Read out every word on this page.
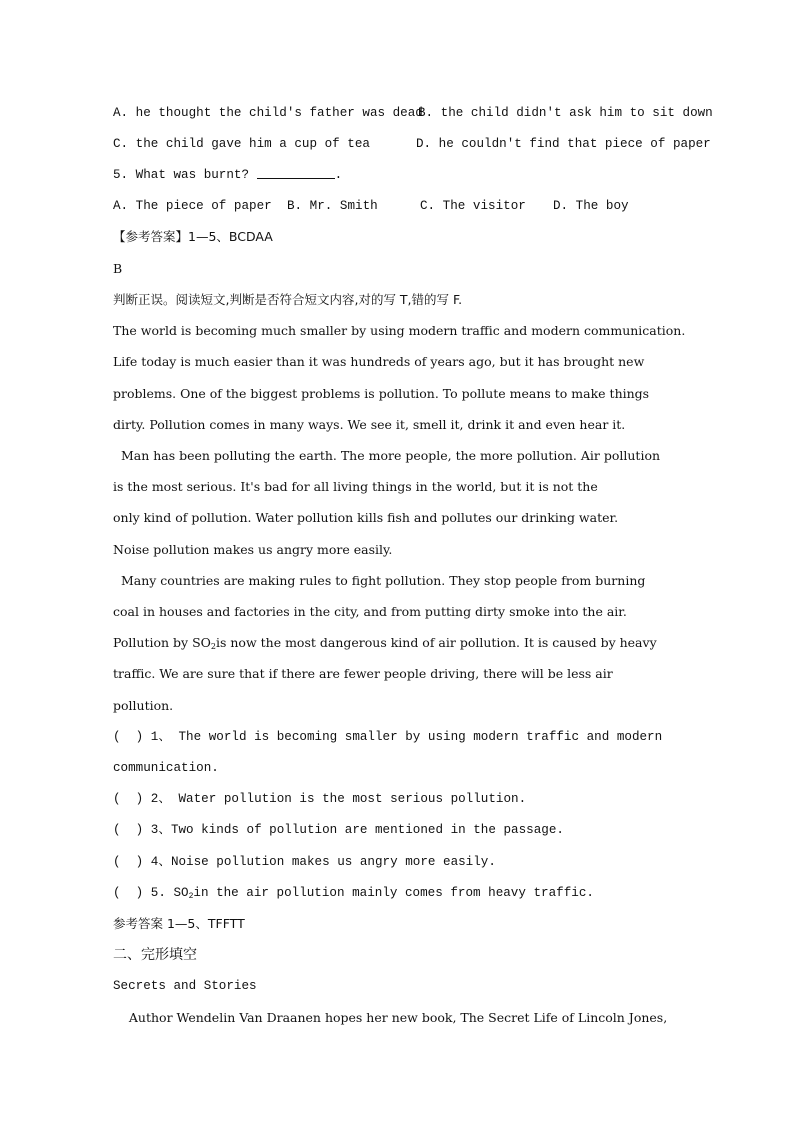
A. he thought the child's father was dead
B. the child didn't ask him to sit down
C. the child gave him a cup of tea	D. he couldn't find that piece of paper
5. What was burnt?	.
A. The piece of paper B. Mr. Smith	C. The visitor D. The boy
【参考答案】1—5、BCDAA
B
判断正误。阅读短文,判断是否符合短文内容,对的写 T,错的写 F.
The world is becoming much smaller by using modern traffic and modern communication.
Life today is much easier than it was hundreds of years ago, but it has brought new
problems. One of the biggest problems is pollution. To pollute means to make things
dirty. Pollution comes in many ways. We see it, smell it, drink it and even hear it.
Man has been polluting the earth. The more people, the more pollution. Air pollution
is the most serious. It's bad for all living things in the world, but it is not the
only kind of pollution. Water pollution kills fish and pollutes our drinking water.
Noise pollution makes us angry more easily.
Many countries are making rules to fight pollution. They stop people from burning
coal in houses and factories in the city, and from putting dirty smoke into the air.
Pollution by $SO_2is$ now the most dangerous kind of air pollution. It is caused by heavy
traffic. We are sure that if there are fewer people driving, there will be less air
pollution.
(  ) 1、 The world is becoming smaller by using modern traffic and modern
communication.
(  ) 2、 Water pollution is the most serious pollution.
(  ) 3、Two kinds of pollution are mentioned in the passage.
(  ) 4、Noise pollution makes us angry more easily.
(  ) 5. $SO_2in$ the air pollution mainly comes from heavy traffic.
参考答案 1—5、TFFTT
二、完形填空
Secrets and Stories
Author Wendelin Van Draanen hopes her new book, The Secret Life of Lincoln Jones,
